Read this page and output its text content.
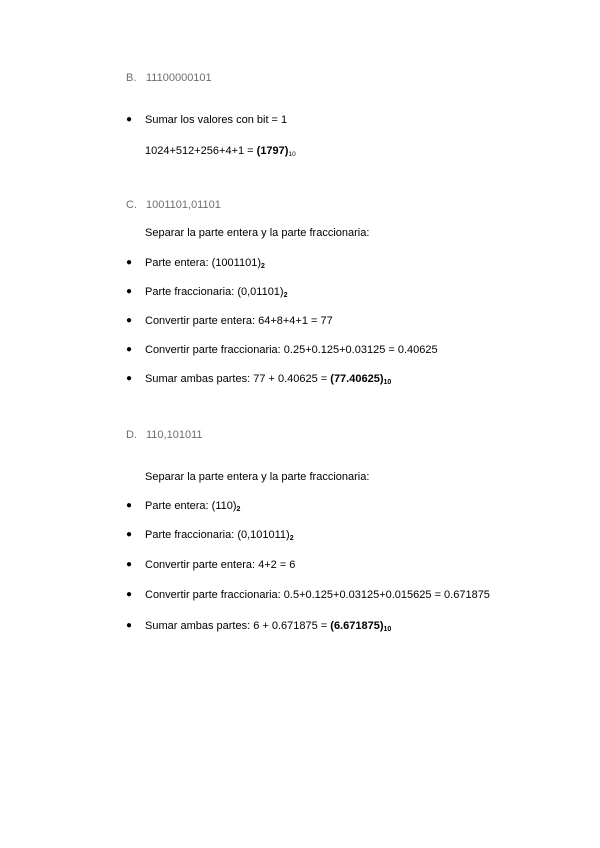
B. 11100000101
● Sumar los valores con bit = 1
$1024+512+256+4+1 = (1797)_{10}$
C. 1001101,01101
Separar la parte entera y la parte fraccionaria:
● Parte entera: $(1001101)_2$
● Parte fraccionaria: $(0,01101)_2$
● Convertir parte entera: 64+8+4+1 = 77
● Convertir parte fraccionaria: 0.25+0.125+0.03125 = 0.40625
● Sumar ambas partes: $77 + 0.40625 = (77.40625)_{10}$
D. 110,101011
Separar la parte entera y la parte fraccionaria:
● Parte entera: $(110)_2$
● Parte fraccionaria: $(0,101011)_2$
● Convertir parte entera: 4+2 = 6
● Convertir parte fraccionaria: 0.5+0.125+0.03125+0.015625 = 0.671875
● Sumar ambas partes: $6 + 0.671875 = (6.671875)_{10}$
